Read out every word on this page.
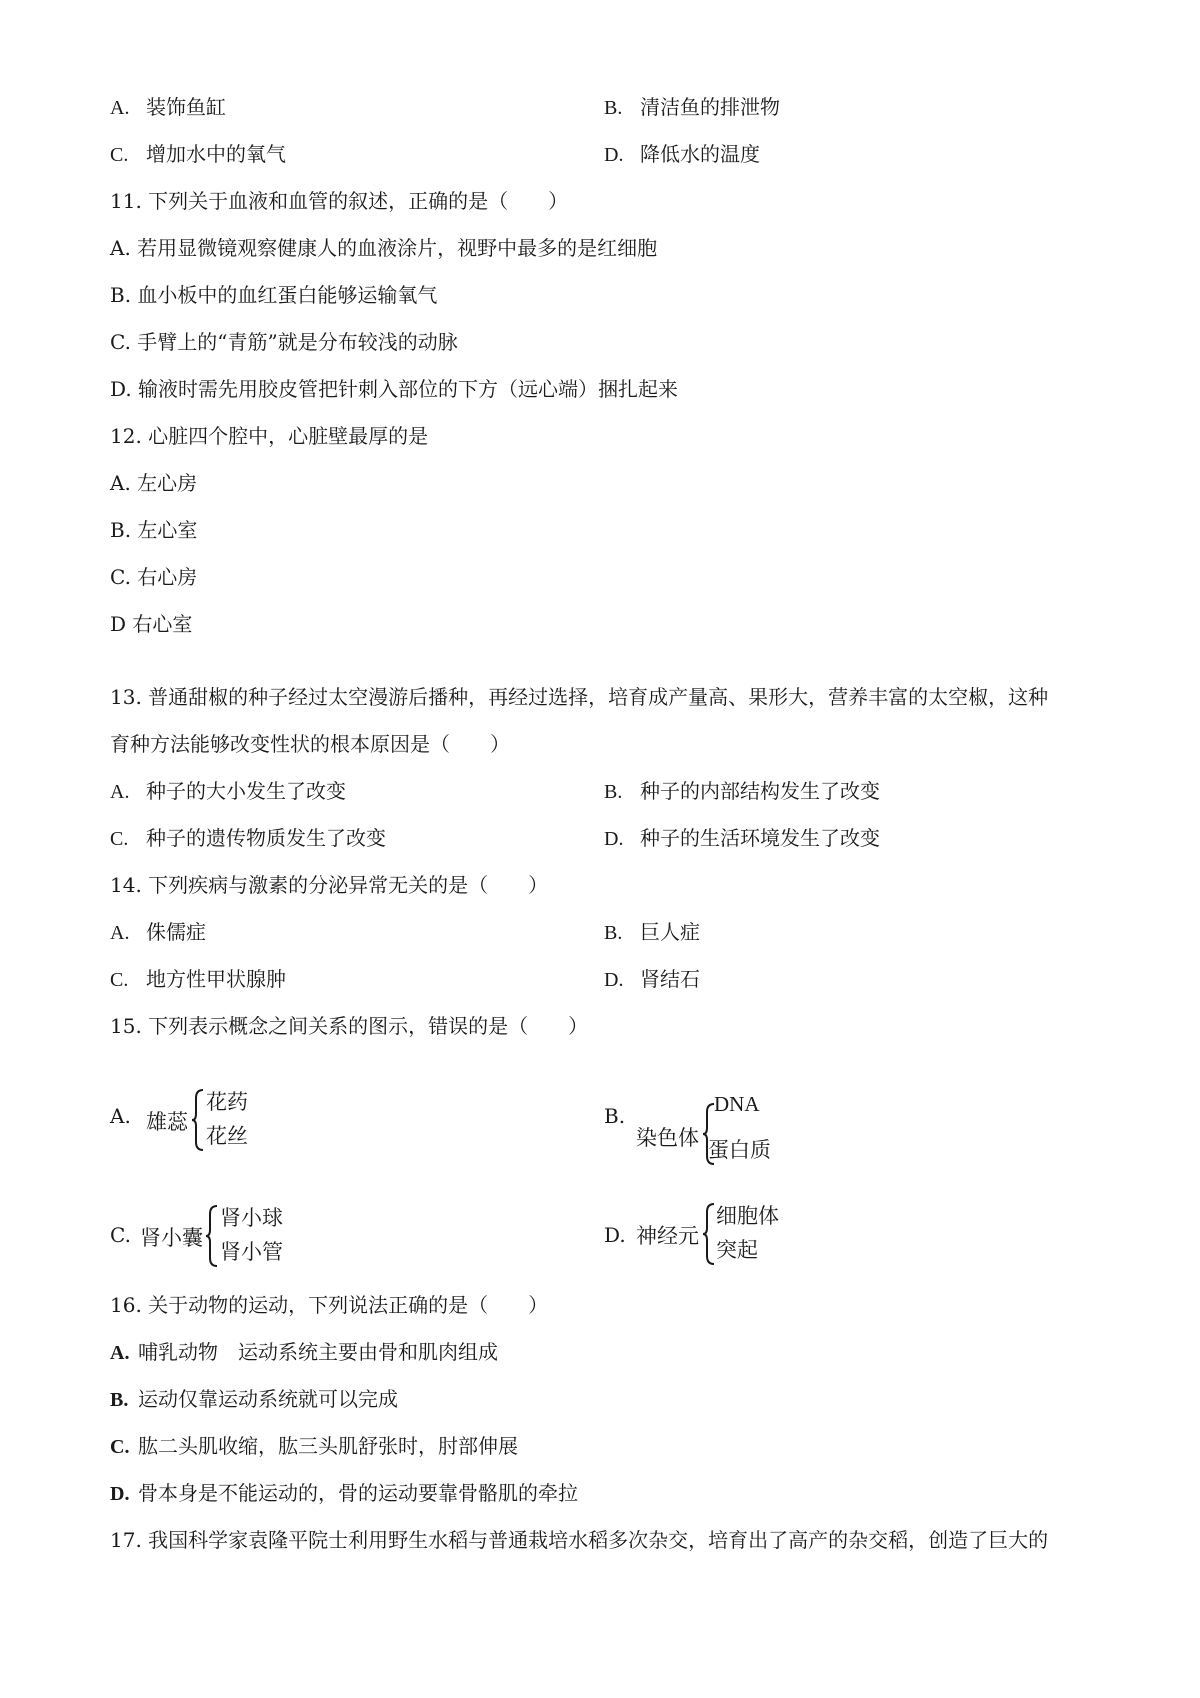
A. 装饰鱼缸	B. 清洁鱼的排泄物
C. 增加水中的氧气	D. 降低水的温度
11. 下列关于血液和血管的叙述，正确的是（　　）
A. 若用显微镜观察健康人的血液涂片，视野中最多的是红细胞
B. 血小板中的血红蛋白能够运输氧气
C. 手臂上的“青筋”就是分布较浅的动脉
D. 输液时需先用胶皮管把针刺入部位的下方（远心端）捆扎起来
12. 心脏四个腔中，心脏壁最厚的是
A. 左心房
B. 左心室
C. 右心房
D 右心室
13. 普通甜椒的种子经过太空漫游后播种，再经过选择，培育成产量高、果形大，营养丰富的太空椒，这种
育种方法能够改变性状的根本原因是（　　）
A. 种子的大小发生了改变	B. 种子的内部结构发生了改变
C. 种子的遗传物质发生了改变	D. 种子的生活环境发生了改变
14. 下列疾病与激素的分泌异常无关的是（　　）
A. 侏儒症	B. 巨人症
C. 地方性甲状腺肿	D. 肾结石
15. 下列表示概念之间关系的图示，错误的是（　　）
A. 雄蕊
花药
花丝
B.
染色体
DNA
蛋白质
C. 肾小囊
肾小球
肾小管
D. 神经元
细胞体
突起
16. 关于动物的运动，下列说法正确的是（　　）
A. 哺乳动物　运动系统主要由骨和肌肉组成
B. 运动仅靠运动系统就可以完成
C. 肱二头肌收缩，肱三头肌舒张时，肘部伸展
D. 骨本身是不能运动的，骨的运动要靠骨骼肌的牵拉
17. 我国科学家袁隆平院士利用野生水稻与普通栽培水稻多次杂交，培育出了高产的杂交稻，创造了巨大的
